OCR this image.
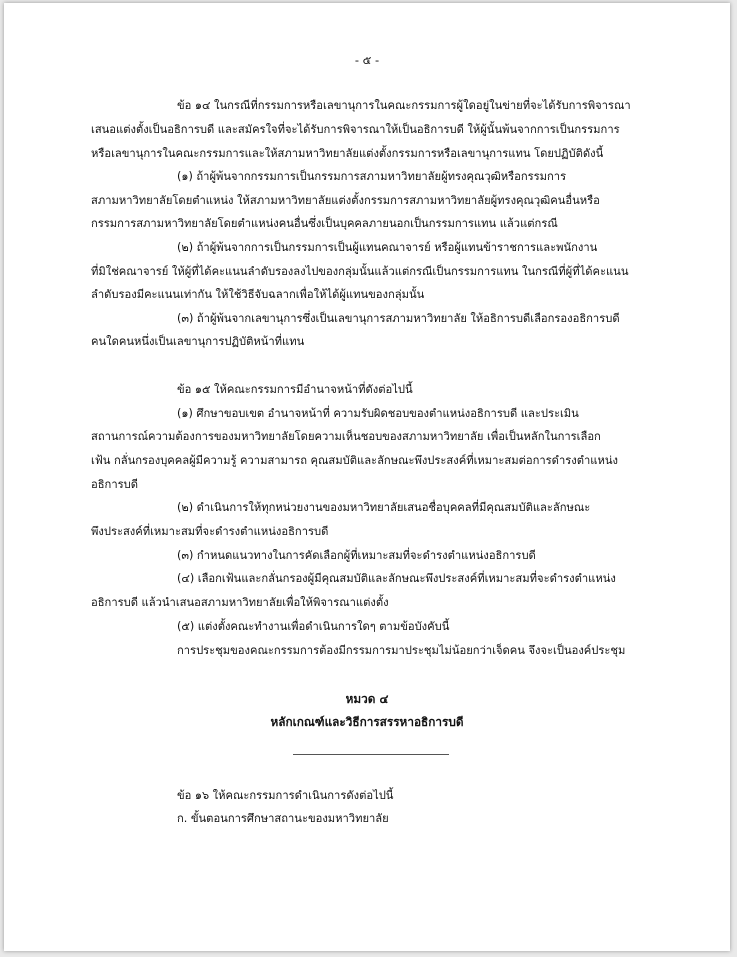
- ๕ -
ข้อ ๑๔ ในกรณีที่กรรมการหรือเลขานุการในคณะกรรมการผู้ใดอยู่ในข่ายที่จะได้รับการพิจารณา
เสนอแต่งตั้งเป็นอธิการบดี และสมัครใจที่จะได้รับการพิจารณาให้เป็นอธิการบดี ให้ผู้นั้นพ้นจากการเป็นกรรมการ
หรือเลขานุการในคณะกรรมการและให้สภามหาวิทยาลัยแต่งตั้งกรรมการหรือเลขานุการแทน โดยปฏิบัติดังนี้
(๑) ถ้าผู้พ้นจากกรรมการเป็นกรรมการสภามหาวิทยาลัยผู้ทรงคุณวุฒิหรือกรรมการ
สภามหาวิทยาลัยโดยตำแหน่ง ให้สภามหาวิทยาลัยแต่งตั้งกรรมการสภามหาวิทยาลัยผู้ทรงคุณวุฒิคนอื่นหรือ
กรรมการสภามหาวิทยาลัยโดยตำแหน่งคนอื่นซึ่งเป็นบุคคลภายนอกเป็นกรรมการแทน แล้วแต่กรณี
(๒) ถ้าผู้พ้นจากการเป็นกรรมการเป็นผู้แทนคณาจารย์ หรือผู้แทนข้าราชการและพนักงาน
ที่มิใช่คณาจารย์ ให้ผู้ที่ได้คะแนนลำดับรองลงไปของกลุ่มนั้นแล้วแต่กรณีเป็นกรรมการแทน ในกรณีที่ผู้ที่ได้คะแนน
ลำดับรองมีคะแนนเท่ากัน ให้ใช้วิธีจับฉลากเพื่อให้ได้ผู้แทนของกลุ่มนั้น
(๓) ถ้าผู้พ้นจากเลขานุการซึ่งเป็นเลขานุการสภามหาวิทยาลัย ให้อธิการบดีเลือกรองอธิการบดี
คนใดคนหนึ่งเป็นเลขานุการปฏิบัติหน้าที่แทน
ข้อ ๑๕ ให้คณะกรรมการมีอำนาจหน้าที่ดังต่อไปนี้
(๑) ศึกษาขอบเขต อำนาจหน้าที่ ความรับผิดชอบของตำแหน่งอธิการบดี และประเมิน
สถานการณ์ความต้องการของมหาวิทยาลัยโดยความเห็นชอบของสภามหาวิทยาลัย เพื่อเป็นหลักในการเลือก
เฟ้น กลั่นกรองบุคคลผู้มีความรู้ ความสามารถ คุณสมบัติและลักษณะพึงประสงค์ที่เหมาะสมต่อการดำรงตำแหน่ง
อธิการบดี
(๒) ดำเนินการให้ทุกหน่วยงานของมหาวิทยาลัยเสนอชื่อบุคคลที่มีคุณสมบัติและลักษณะ
พึงประสงค์ที่เหมาะสมที่จะดำรงตำแหน่งอธิการบดี
(๓) กำหนดแนวทางในการคัดเลือกผู้ที่เหมาะสมที่จะดำรงตำแหน่งอธิการบดี
(๔) เลือกเฟ้นและกลั่นกรองผู้มีคุณสมบัติและลักษณะพึงประสงค์ที่เหมาะสมที่จะดำรงตำแหน่ง
อธิการบดี แล้วนำเสนอสภามหาวิทยาลัยเพื่อให้พิจารณาแต่งตั้ง
(๕) แต่งตั้งคณะทำงานเพื่อดำเนินการใดๆ ตามข้อบังคับนี้
การประชุมของคณะกรรมการต้องมีกรรมการมาประชุมไม่น้อยกว่าเจ็ดคน จึงจะเป็นองค์ประชุม
หมวด ๔
หลักเกณฑ์และวิธีการสรรหาอธิการบดี
ข้อ ๑๖ ให้คณะกรรมการดำเนินการดังต่อไปนี้
ก. ขั้นตอนการศึกษาสถานะของมหาวิทยาลัย
